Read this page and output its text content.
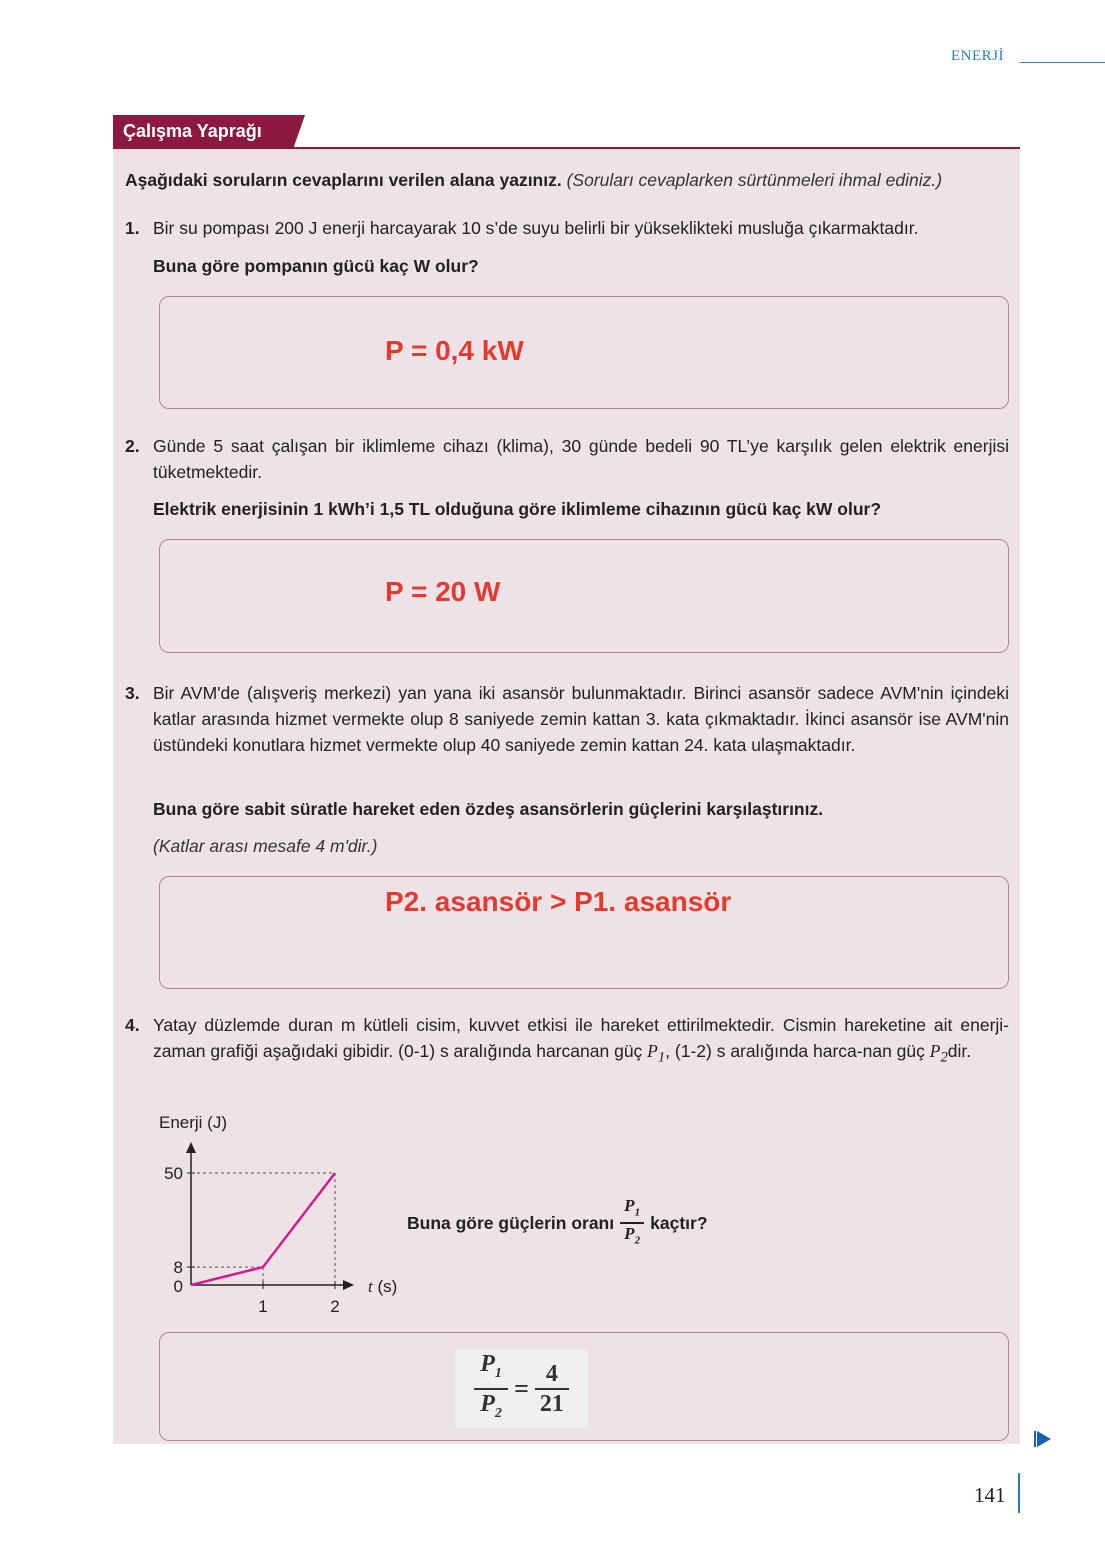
ENERJİ
Çalışma Yaprağı
Aşağıdaki soruların cevaplarını verilen alana yazınız. (Soruları cevaplarken sürtünmeleri ihmal ediniz.)
1. Bir su pompası 200 J enerji harcayarak 10 s’de suyu belirli bir yükseklikteki musluğa çıkarmaktadır.
Buna göre pompanın gücü kaç W olur?
P = 0,4 kW
2. Günde 5 saat çalışan bir iklimleme cihazı (klima), 30 günde bedeli 90 TL’ye karşılık gelen elektrik enerjisi tüketmektedir.
Elektrik enerjisinin 1 kWh’i 1,5 TL olduğuna göre iklimleme cihazının gücü kaç kW olur?
P = 20 W
3. Bir AVM'de (alışveriş merkezi) yan yana iki asansör bulunmaktadır. Birinci asansör sadece AVM'nin içindeki katlar arasında hizmet vermekte olup 8 saniyede zemin kattan 3. kata çıkmaktadır. İkinci asansör ise AVM'nin üstündeki konutlara hizmet vermekte olup 40 saniyede zemin kattan 24. kata ulaşmaktadır.
Buna göre sabit süratle hareket eden özdeş asansörlerin güçlerini karşılaştırınız.
(Katlar arası mesafe 4 m'dir.)
P2. asansör > P1. asansör
4. Yatay düzlemde duran m kütleli cisim, kuvvet etkisi ile hareket ettirilmektedir. Cismin hareketine ait enerji-zaman grafiği aşağıdaki gibidir. (0-1) s aralığında harcanan güç $P_1$, (1-2) s aralığında harca-nan güç $P_2dir$.
Enerji (J)
50
8
1	2
0	t (s)
Buna göre güçlerin oranı $\frac{P_1}{P_2}$ kaçtır?
$\frac{P_1}{P_2} = \frac{4}{21}$
141
